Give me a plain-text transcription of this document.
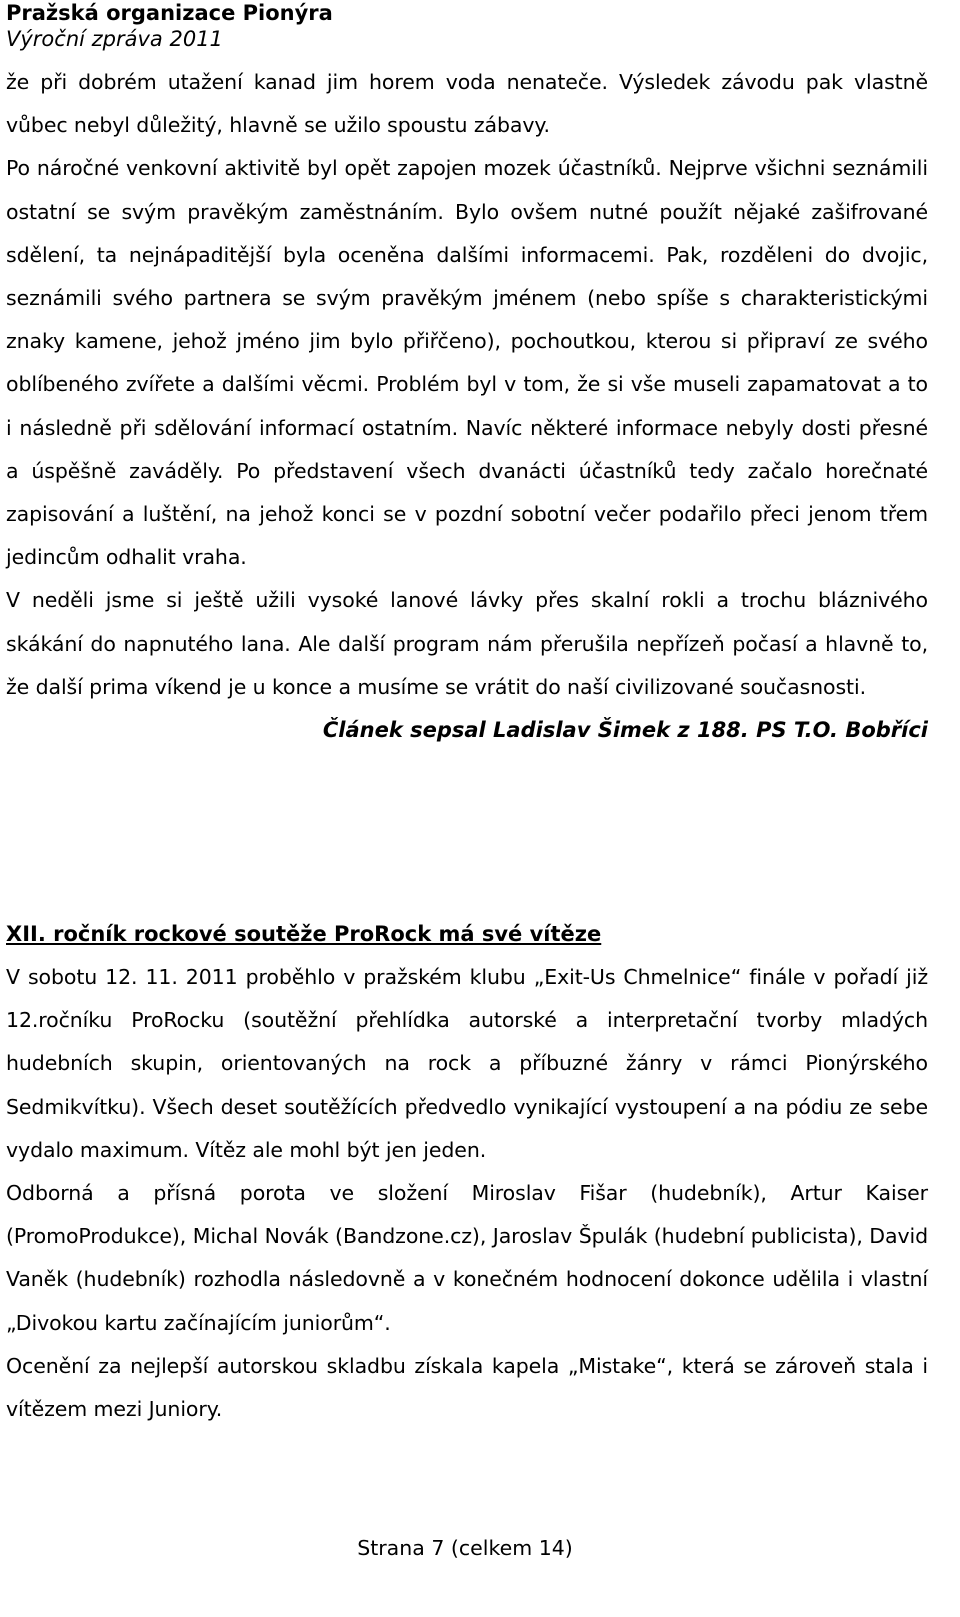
Pražská organizace Pionýra

Výroční zpráva 2011

že při dobrém utažení kanad jim horem voda nenateče. Výsledek závodu pak vlastně vůbec nebyl důležitý, hlavně se užilo spoustu zábavy.

Po náročné venkovní aktivitě byl opět zapojen mozek účastníků. Nejprve všichni seznámili ostatní se svým pravěkým zaměstnáním. Bylo ovšem nutné použít nějaké zašifrované sdělení, ta nejnápaditější byla oceněna dalšími informacemi. Pak, rozděleni do dvojic, seznámili svého partnera se svým pravěkým jménem (nebo spíše s charakteristickými znaky kamene, jehož jméno jim bylo přiřčeno), pochoutkou, kterou si připraví ze svého oblíbeného zvířete a dalšími věcmi. Problém byl v tom, že si vše museli zapamatovat a to i následně při sdělování informací ostatním. Navíc některé informace nebyly dosti přesné a úspěšně zaváděly. Po představení všech dvanácti účastníků tedy začalo horečnaté zapisování a luštění, na jehož konci se v pozdní sobotní večer podařilo přeci jenom třem jedincům odhalit vraha.

V neděli jsme si ještě užili vysoké lanové lávky přes skalní rokli a trochu bláznivého skákání do napnutého lana. Ale další program nám přerušila nepřízeň počasí a hlavně to, že další prima víkend je u konce a musíme se vrátit do naší civilizované současnosti.

Článek sepsal Ladislav Šimek z 188. PS T.O. Bobříci

XII. ročník rockové soutěže ProRock má své vítěze

V sobotu 12. 11. 2011 proběhlo v pražském klubu „Exit-Us Chmelnice“ finále v pořadí již 12.ročníku ProRocku (soutěžní přehlídka autorské a interpretační tvorby mladých hudebních skupin, orientovaných na rock a příbuzné žánry v rámci Pionýrského Sedmikvítku). Všech deset soutěžících předvedlo vynikající vystoupení a na pódiu ze sebe vydalo maximum. Vítěz ale mohl být jen jeden.

Odborná a přísná porota ve složení Miroslav Fišar (hudebník), Artur Kaiser (PromoProdukce), Michal Novák (Bandzone.cz), Jaroslav Špulák (hudební publicista), David Vaněk (hudebník) rozhodla následovně a v konečném hodnocení dokonce udělila i vlastní „Divokou kartu začínajícím juniorům“.

Ocenění za nejlepší autorskou skladbu získala kapela „Mistake“, která se zároveň stala i vítězem mezi Juniory.

Strana 7 (celkem 14)
